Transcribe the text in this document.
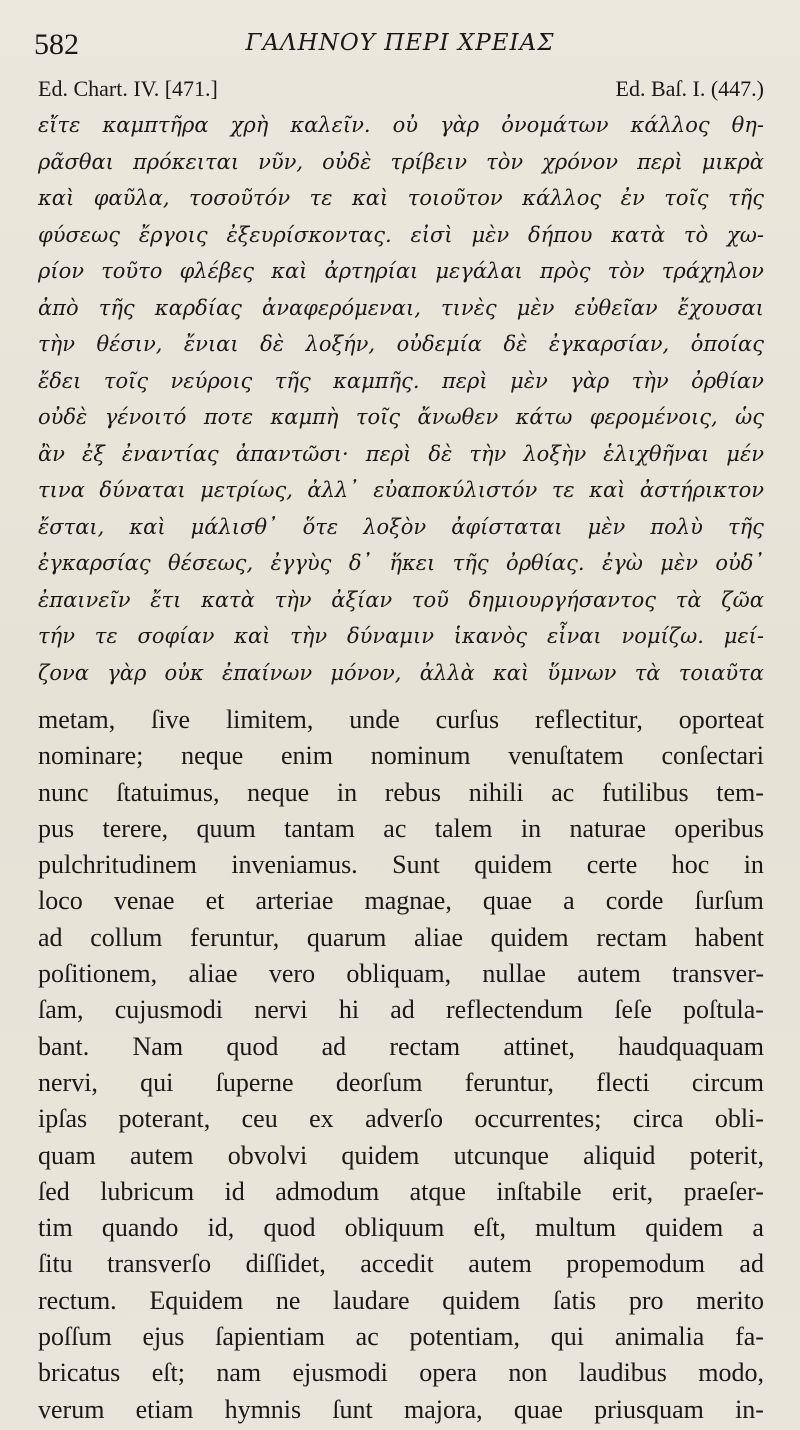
582	ΓΑΛΗΝΟΥ ΠΕΡΙ ΧΡΕΙΑΣ
Ed. Chart. IV. [471.]	Ed. Baſ. I. (447.)
εἴτε καμπτῆρα χρὴ καλεῖν. οὐ γὰρ ὀνομάτων κάλλος θη-
ρᾶσθαι πρόκειται νῦν, οὐδὲ τρίβειν τὸν χρόνον περὶ μικρὰ
καὶ φαῦλα, τοσοῦτόν τε καὶ τοιοῦτον κάλλος ἐν τοῖς τῆς
φύσεως ἔργοις ἐξευρίσκοντας. εἰσὶ μὲν δήπου κατὰ τὸ χω-
ρίον τοῦτο φλέβες καὶ ἀρτηρίαι μεγάλαι πρὸς τὸν τράχηλον
ἀπὸ τῆς καρδίας ἀναφερόμεναι, τινὲς μὲν εὐθεῖαν ἔχουσαι
τὴν θέσιν, ἔνιαι δὲ λοξήν, οὐδεμία δὲ ἐγκαρσίαν, ὁποίας
ἔδει τοῖς νεύροις τῆς καμπῆς. περὶ μὲν γὰρ τὴν ὀρθίαν
οὐδὲ γένοιτό ποτε καμπὴ τοῖς ἄνωθεν κάτω φερομένοις, ὡς
ἂν ἐξ ἐναντίας ἀπαντῶσι· περὶ δὲ τὴν λοξὴν ἑλιχθῆναι μέν
τινα δύναται μετρίως, ἀλλ᾽ εὐαποκύλιστόν τε καὶ ἀστήρικτον
ἔσται, καὶ μάλισθ᾽ ὅτε λοξὸν ἀφίσταται μὲν πολὺ τῆς
ἐγκαρσίας θέσεως, ἐγγὺς δ᾽ ἥκει τῆς ὀρθίας. ἐγὼ μὲν οὐδ᾽
ἐπαινεῖν ἔτι κατὰ τὴν ἀξίαν τοῦ δημιουργήσαντος τὰ ζῶα
τήν τε σοφίαν καὶ τὴν δύναμιν ἱκανὸς εἶναι νομίζω. μεί-
ζονα γὰρ οὐκ ἐπαίνων μόνον, ἀλλὰ καὶ ὕμνων τὰ τοιαῦτα
metam, ſive limitem, unde curſus reflectitur, oporteat
nominare; neque enim nominum venuſtatem conſectari
nunc ſtatuimus, neque in rebus nihili ac futilibus tem-
pus terere, quum tantam ac talem in naturae operibus
pulchritudinem inveniamus. Sunt quidem certe hoc in
loco venae et arteriae magnae, quae a corde ſurſum
ad collum feruntur, quarum aliae quidem rectam habent
poſitionem, aliae vero obliquam, nullae autem transver-
ſam, cujusmodi nervi hi ad reflectendum ſeſe poſtula-
bant. Nam quod ad rectam attinet, haudquaquam
nervi, qui ſuperne deorſum feruntur, flecti circum
ipſas poterant, ceu ex adverſo occurrentes; circa obli-
quam autem obvolvi quidem utcunque aliquid poterit,
ſed lubricum id admodum atque inſtabile erit, praeſer-
tim quando id, quod obliquum eſt, multum quidem a
ſitu transverſo diſſidet, accedit autem propemodum ad
rectum. Equidem ne laudare quidem ſatis pro merito
poſſum ejus ſapientiam ac potentiam, qui animalia fa-
bricatus eſt; nam ejusmodi opera non laudibus modo,
verum etiam hymnis ſunt majora, quae priusquam in-
